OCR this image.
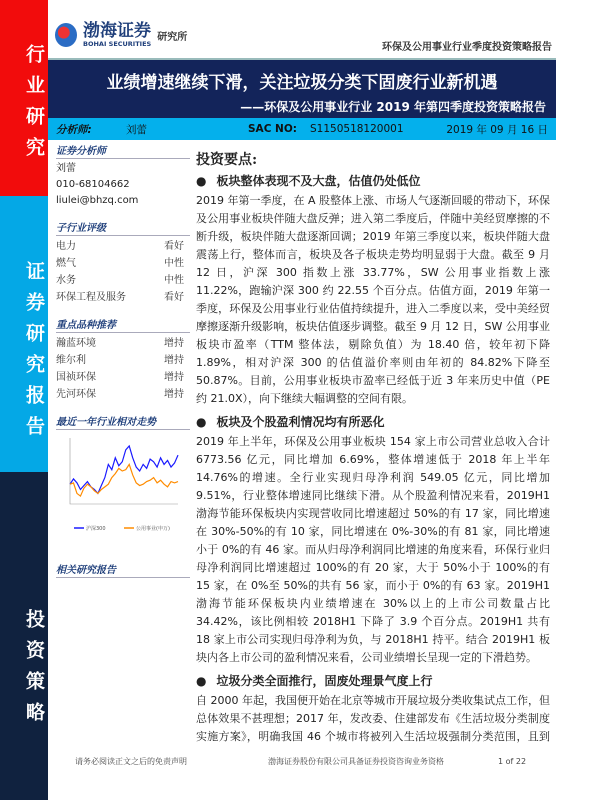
行业研究
证券研究报告
投资策略
渤海证券
BOHAI SECURITIES
研究所
环保及公用事业行业季度投资策略报告
业绩增速继续下滑，关注垃圾分类下固废行业新机遇
——环保及公用事业行业 2019 年第四季度投资策略报告
分析师:	刘蕾	SAC NO: S1150518120001	2019 年 09 月 16 日
证券分析师
刘蕾
010-68104662
liulei@bhzq.com
子行业评级
电力	看好
燃气	中性
水务	中性
环保工程及服务	看好
重点品种推荐
瀚蓝环境	增持
维尔利	增持
国祯环保	增持
先河环保	增持
最近一年行业相对走势
沪深300	公用事业(申万)
相关研究报告
投资要点:
● 板块整体表现不及大盘，估值仍处低位
2019 年第一季度，在 A 股整体上涨、市场人气逐渐回暖的带动下，环保及公用事业板块伴随大盘反弹；进入第二季度后，伴随中美经贸摩擦的不断升级，板块伴随大盘逐渐回调；2019 年第三季度以来，板块伴随大盘震荡上行，整体而言，板块及各子板块走势均明显弱于大盘。截至 9 月 12 日，沪深 300 指数上涨 33.77%，SW 公用事业指数上涨 11.22%，跑输沪深 300 约 22.55 个百分点。估值方面，2019 年第一季度，环保及公用事业行业估值持续提升，进入二季度以来，受中美经贸摩擦逐渐升级影响，板块估值逐步调整。截至 9 月 12 日，SW 公用事业板块市盈率（TTM 整体法，剔除负值）为 18.40 倍，较年初下降 1.89%，相对沪深 300 的估值溢价率则由年初的 84.82%下降至 50.87%。目前，公用事业板块市盈率已经低于近 3 年来历史中值（PE 约 21.0X），向下继续大幅调整的空间有限。
● 板块及个股盈利情况均有所恶化
2019 年上半年，环保及公用事业板块 154 家上市公司营业总收入合计 6773.56 亿元，同比增加 6.69%，整体增速低于 2018 年上半年 14.76%的增速。全行业实现归母净利润 549.05 亿元，同比增加 9.51%，行业整体增速同比继续下滑。从个股盈利情况来看，2019H1 渤海节能环保板块内实现营收同比增速超过 50%的有 17 家，同比增速在 30%-50%的有 10 家，同比增速在 0%-30%的有 81 家，同比增速小于 0%的有 46 家。而从归母净利润同比增速的角度来看，环保行业归母净利润同比增速超过 100%的有 20 家，大于 50%小于 100%的有 15 家，在 0%至 50%的共有 56 家，而小于 0%的有 63 家。2019H1 渤海节能环保板块内业绩增速在 30%以上的上市公司数量占比 34.42%，该比例相较 2018H1 下降了 3.9 个百分点。2019H1 共有 18 家上市公司实现归母净利为负，与 2018H1 持平。结合 2019H1 板块内各上市公司的盈利情况来看，公司业绩增长呈现一定的下滑趋势。
● 垃圾分类全面推行，固废处理景气度上行
自 2000 年起，我国便开始在北京等城市开展垃圾分类收集试点工作，但总体效果不甚理想；2017 年，发改委、住建部发布《生活垃圾分类制度实施方案》，明确我国 46 个城市将被列入生活垃圾强制分类范围，且到
请务必阅读正文之后的免责声明	渤海证券股份有限公司具备证券投资咨询业务资格	1 of 22
